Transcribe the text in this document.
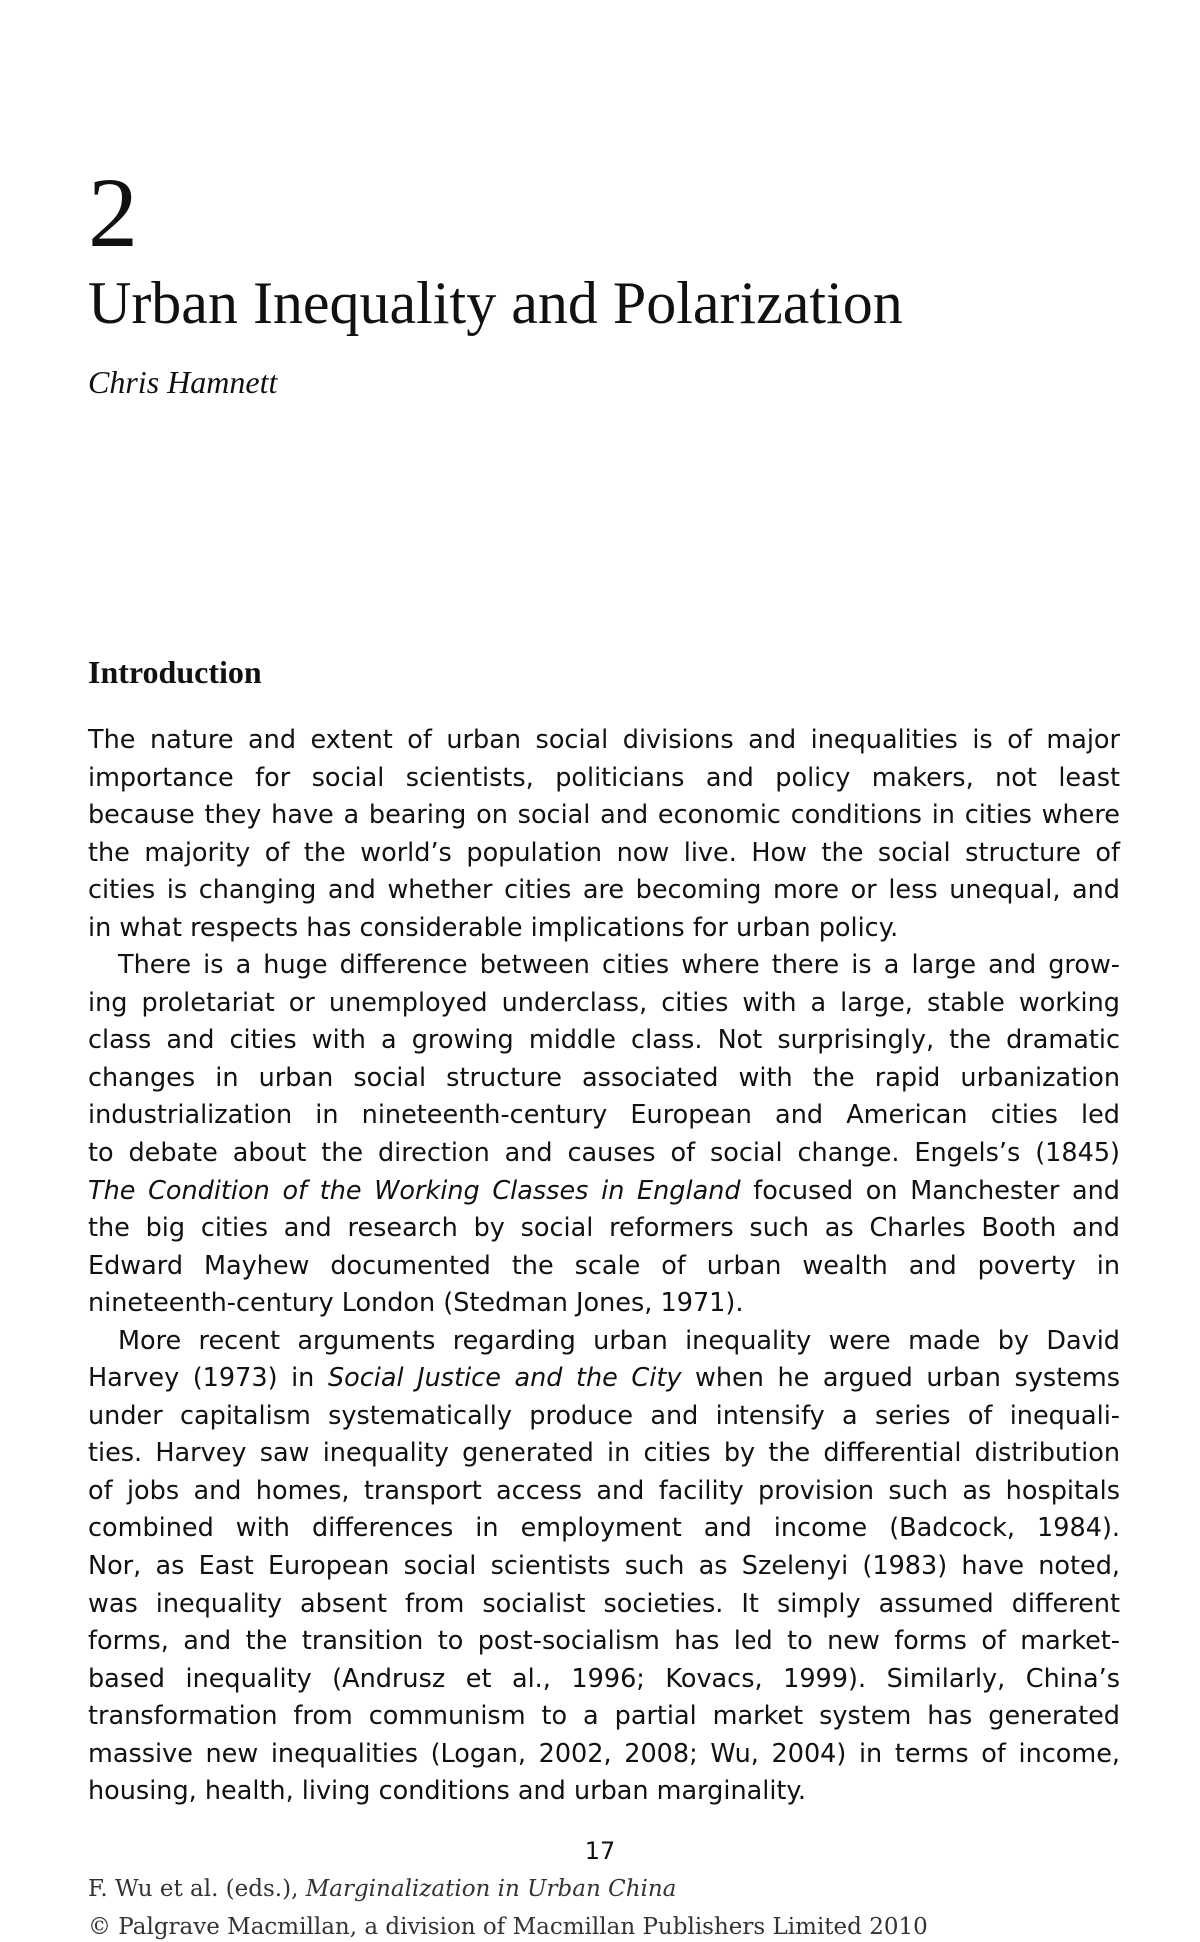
2
Urban Inequality and Polarization
Chris Hamnett
Introduction
The nature and extent of urban social divisions and inequalities is of major
importance for social scientists, politicians and policy makers, not least
because they have a bearing on social and economic conditions in cities where
the majority of the world’s population now live. How the social structure of
cities is changing and whether cities are becoming more or less unequal, and
in what respects has considerable implications for urban policy.
There is a huge difference between cities where there is a large and grow-
ing proletariat or unemployed underclass, cities with a large, stable working
class and cities with a growing middle class. Not surprisingly, the dramatic
changes in urban social structure associated with the rapid urbanization
industrialization in nineteenth-century European and American cities led
to debate about the direction and causes of social change. Engels’s (1845)
The Condition of the Working Classes in England focused on Manchester and
the big cities and research by social reformers such as Charles Booth and
Edward Mayhew documented the scale of urban wealth and poverty in
nineteenth-century London (Stedman Jones, 1971).
More recent arguments regarding urban inequality were made by David
Harvey (1973) in Social Justice and the City when he argued urban systems
under capitalism systematically produce and intensify a series of inequali-
ties. Harvey saw inequality generated in cities by the differential distribution
of jobs and homes, transport access and facility provision such as hospitals
combined with differences in employment and income (Badcock, 1984).
Nor, as East European social scientists such as Szelenyi (1983) have noted,
was inequality absent from socialist societies. It simply assumed different
forms, and the transition to post-socialism has led to new forms of market-
based inequality (Andrusz et al., 1996; Kovacs, 1999). Similarly, China’s
transformation from communism to a partial market system has generated
massive new inequalities (Logan, 2002, 2008; Wu, 2004) in terms of income,
housing, health, living conditions and urban marginality.
17
F. Wu et al. (eds.), Marginalization in Urban China
© Palgrave Macmillan, a division of Macmillan Publishers Limited 2010
